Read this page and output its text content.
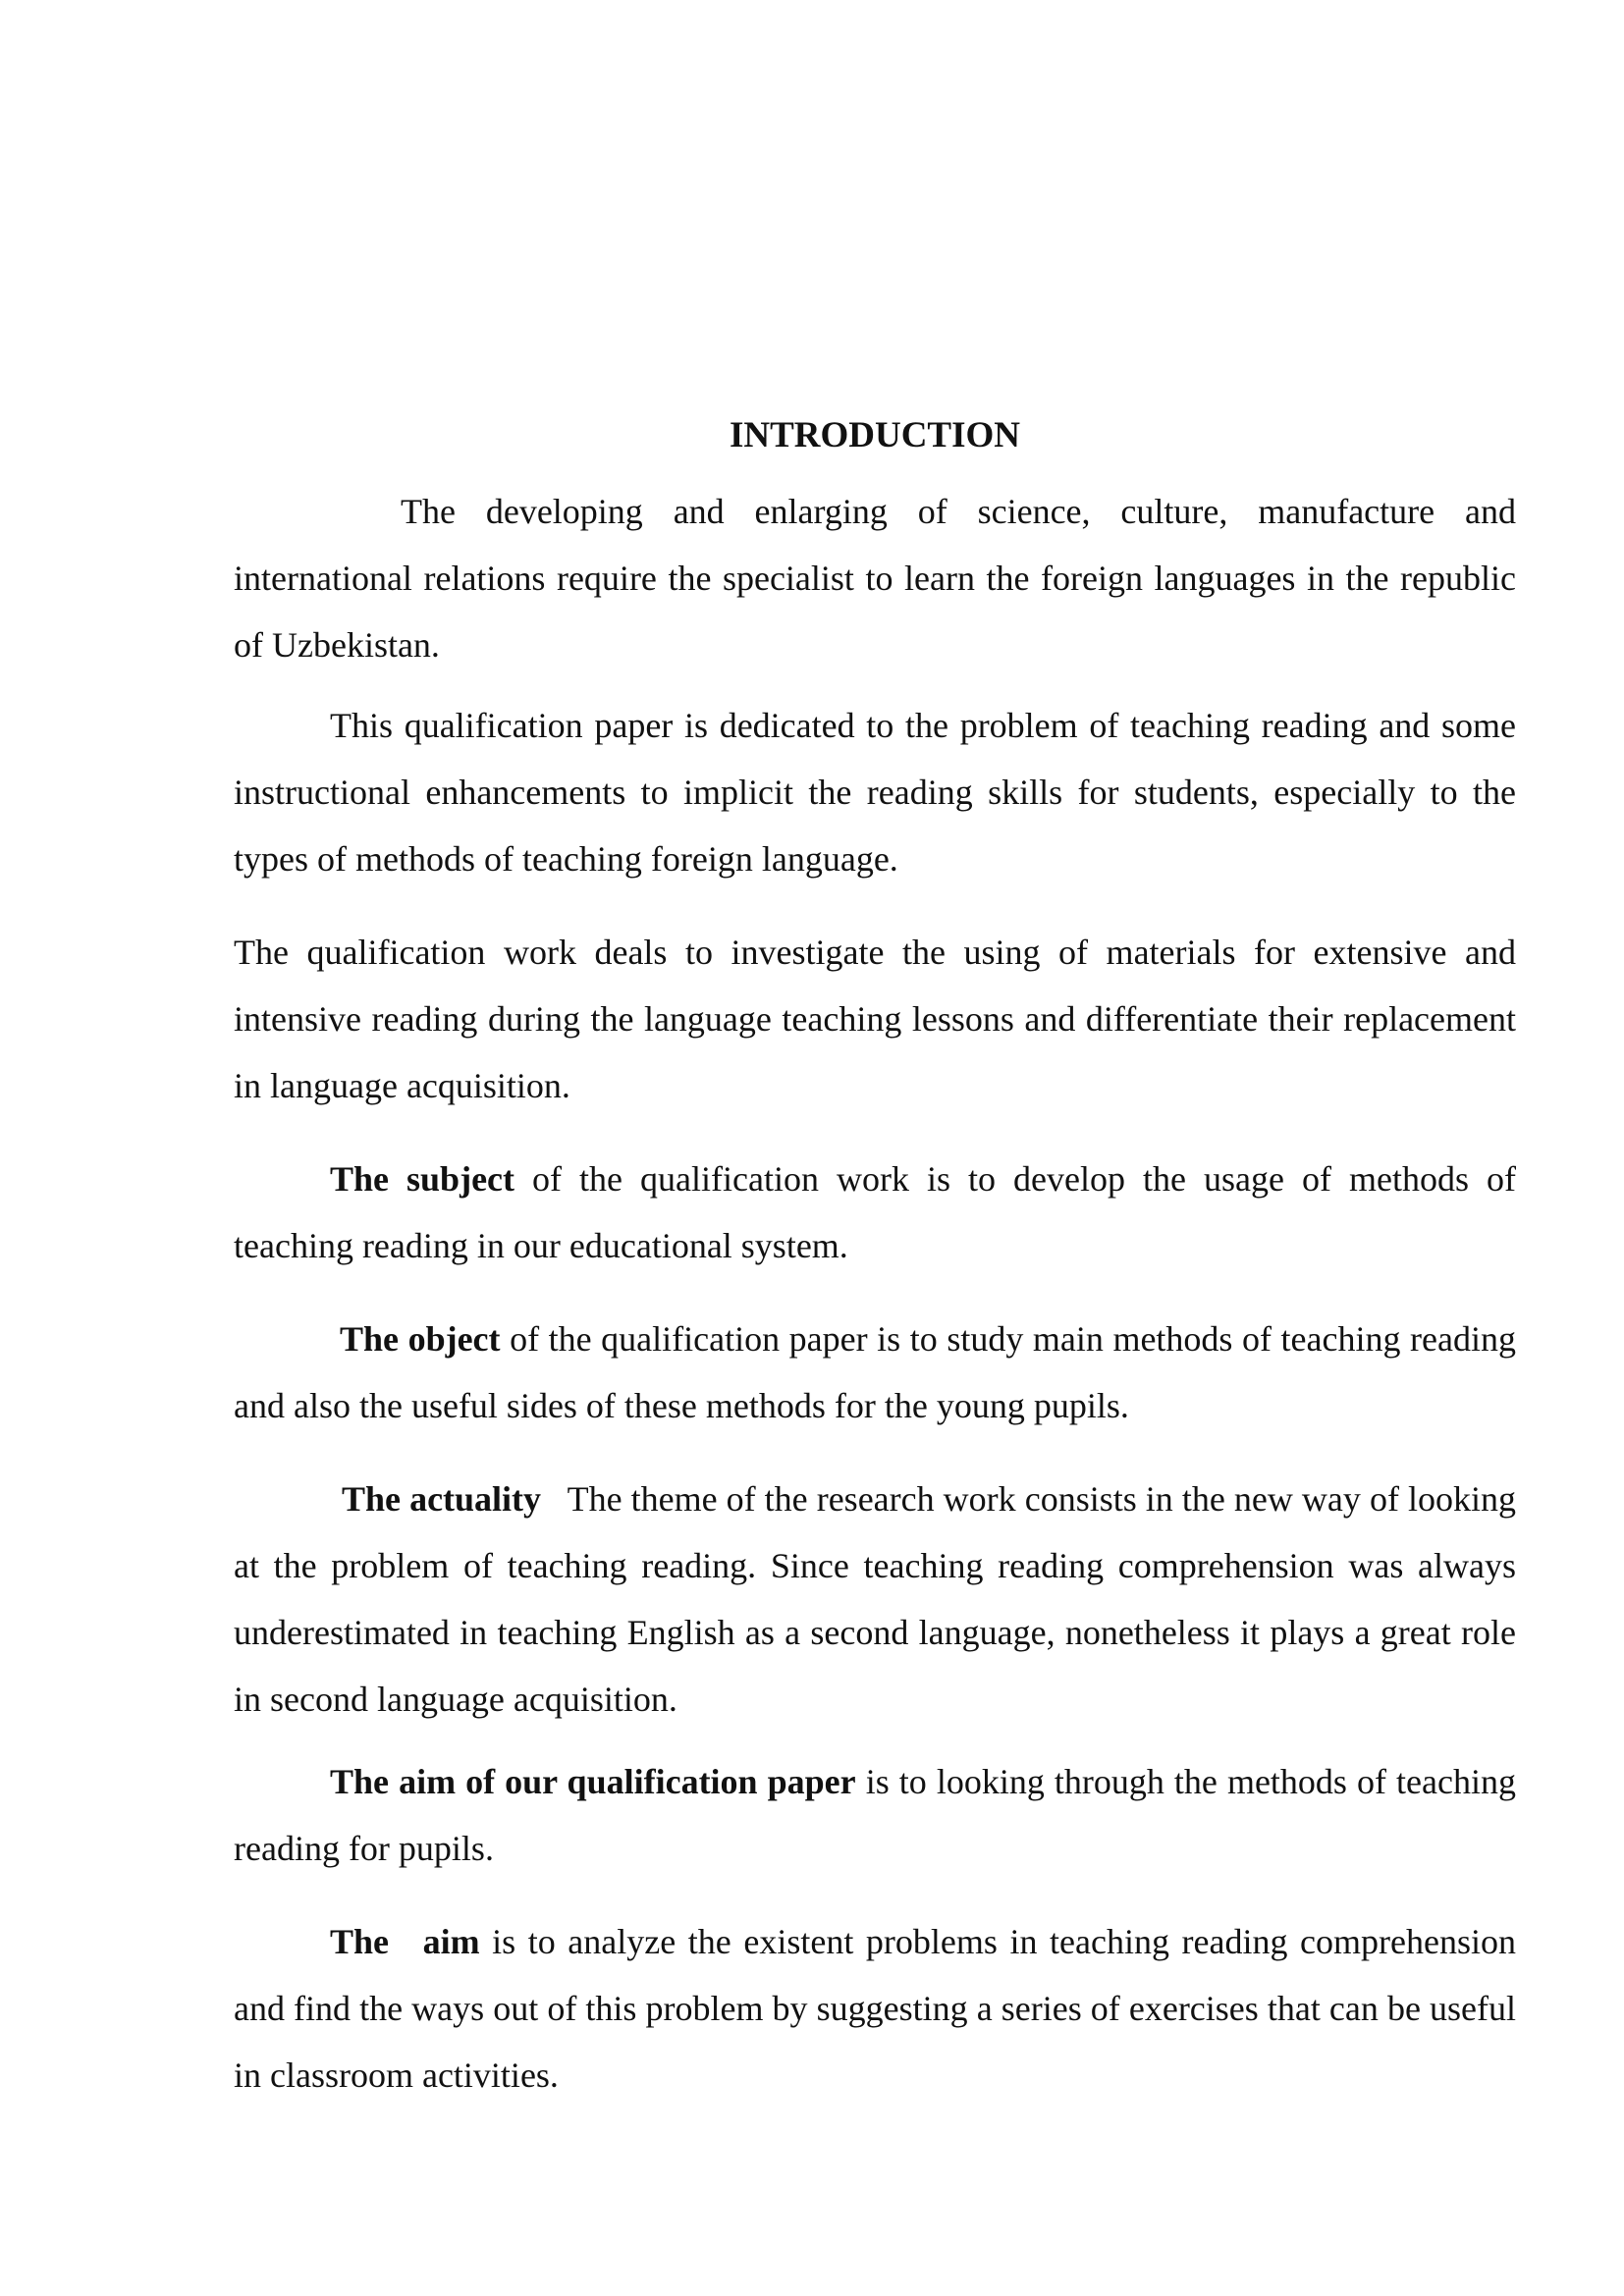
INTRODUCTION

The developing and enlarging of science, culture, manufacture and international relations require the specialist to learn the foreign languages in the republic of Uzbekistan.

This qualification paper is dedicated to the problem of teaching reading and some instructional enhancements to implicit the reading skills for students, especially to the types of methods of teaching foreign language.

The qualification work deals to investigate the using of materials for extensive and intensive reading during the language teaching lessons and differentiate their replacement in language acquisition.

The subject of the qualification work is to develop the usage of methods of teaching reading in our educational system.

The object of the qualification paper is to study main methods of teaching reading and also the useful sides of these methods for the young pupils.

The actuality   The theme of the research work consists in the new way of looking at the problem of teaching reading. Since teaching reading comprehension was always underestimated in teaching English as a second language, nonetheless it plays a great role in second language acquisition.

The aim of our qualification paper is to looking through the methods of teaching reading for pupils.

The aim is to analyze the existent problems in teaching reading comprehension and find the ways out of this problem by suggesting a series of exercises that can be useful in classroom activities.
